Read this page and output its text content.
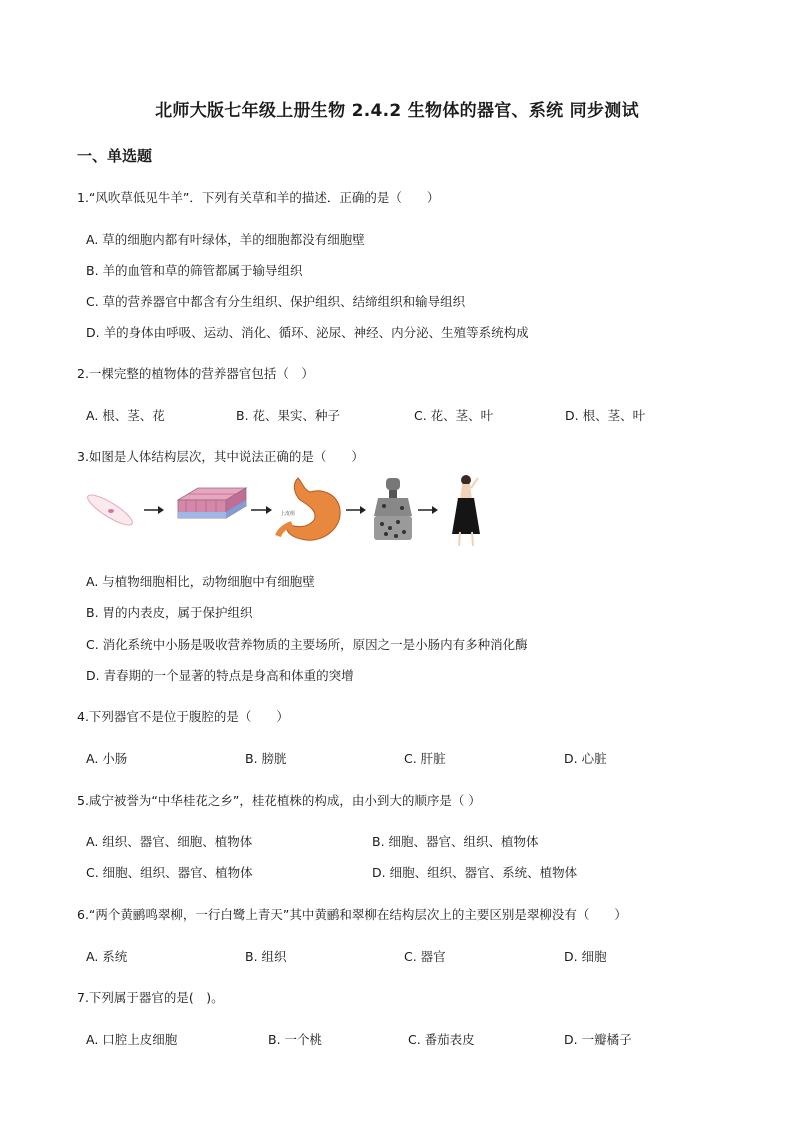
北师大版七年级上册生物 2.4.2 生物体的器官、系统 同步测试
一、单选题
1.“风吹草低见牛羊”．下列有关草和羊的描述．正确的是（　　）
A. 草的细胞内都有叶绿体，羊的细胞都没有细胞壁
B. 羊的血管和草的筛管都属于输导组织
C. 草的营养器官中都含有分生组织、保护组织、结缔组织和输导组织
D. 羊的身体由呼吸、运动、消化、循环、泌尿、神经、内分泌、生殖等系统构成
2.一棵完整的植物体的营养器官包括（　）
A. 根、茎、花	B. 花、果实、种子	C. 花、茎、叶	D. 根、茎、叶
3.如图是人体结构层次，其中说法正确的是（　　）
上皮组
A. 与植物细胞相比，动物细胞中有细胞壁
B. 胃的内表皮，属于保护组织
C. 消化系统中小肠是吸收营养物质的主要场所，原因之一是小肠内有多种消化酶
D. 青春期的一个显著的特点是身高和体重的突增
4.下列器官不是位于腹腔的是（　　）
A. 小肠	B. 膀胱	C. 肝脏	D. 心脏
5.咸宁被誉为“中华桂花之乡”，桂花植株的构成，由小到大的顺序是（ ）
A. 组织、器官、细胞、植物体	B. 细胞、器官、组织、植物体
C. 细胞、组织、器官、植物体	D. 细胞、组织、器官、系统、植物体
6.“两个黄鹂鸣翠柳，一行白鹭上青天”其中黄鹂和翠柳在结构层次上的主要区别是翠柳没有（　　）
A. 系统	B. 组织	C. 器官	D. 细胞
7.下列属于器官的是(　)。
A. 口腔上皮细胞	B. 一个桃	C. 番茄表皮	D. 一瓣橘子
